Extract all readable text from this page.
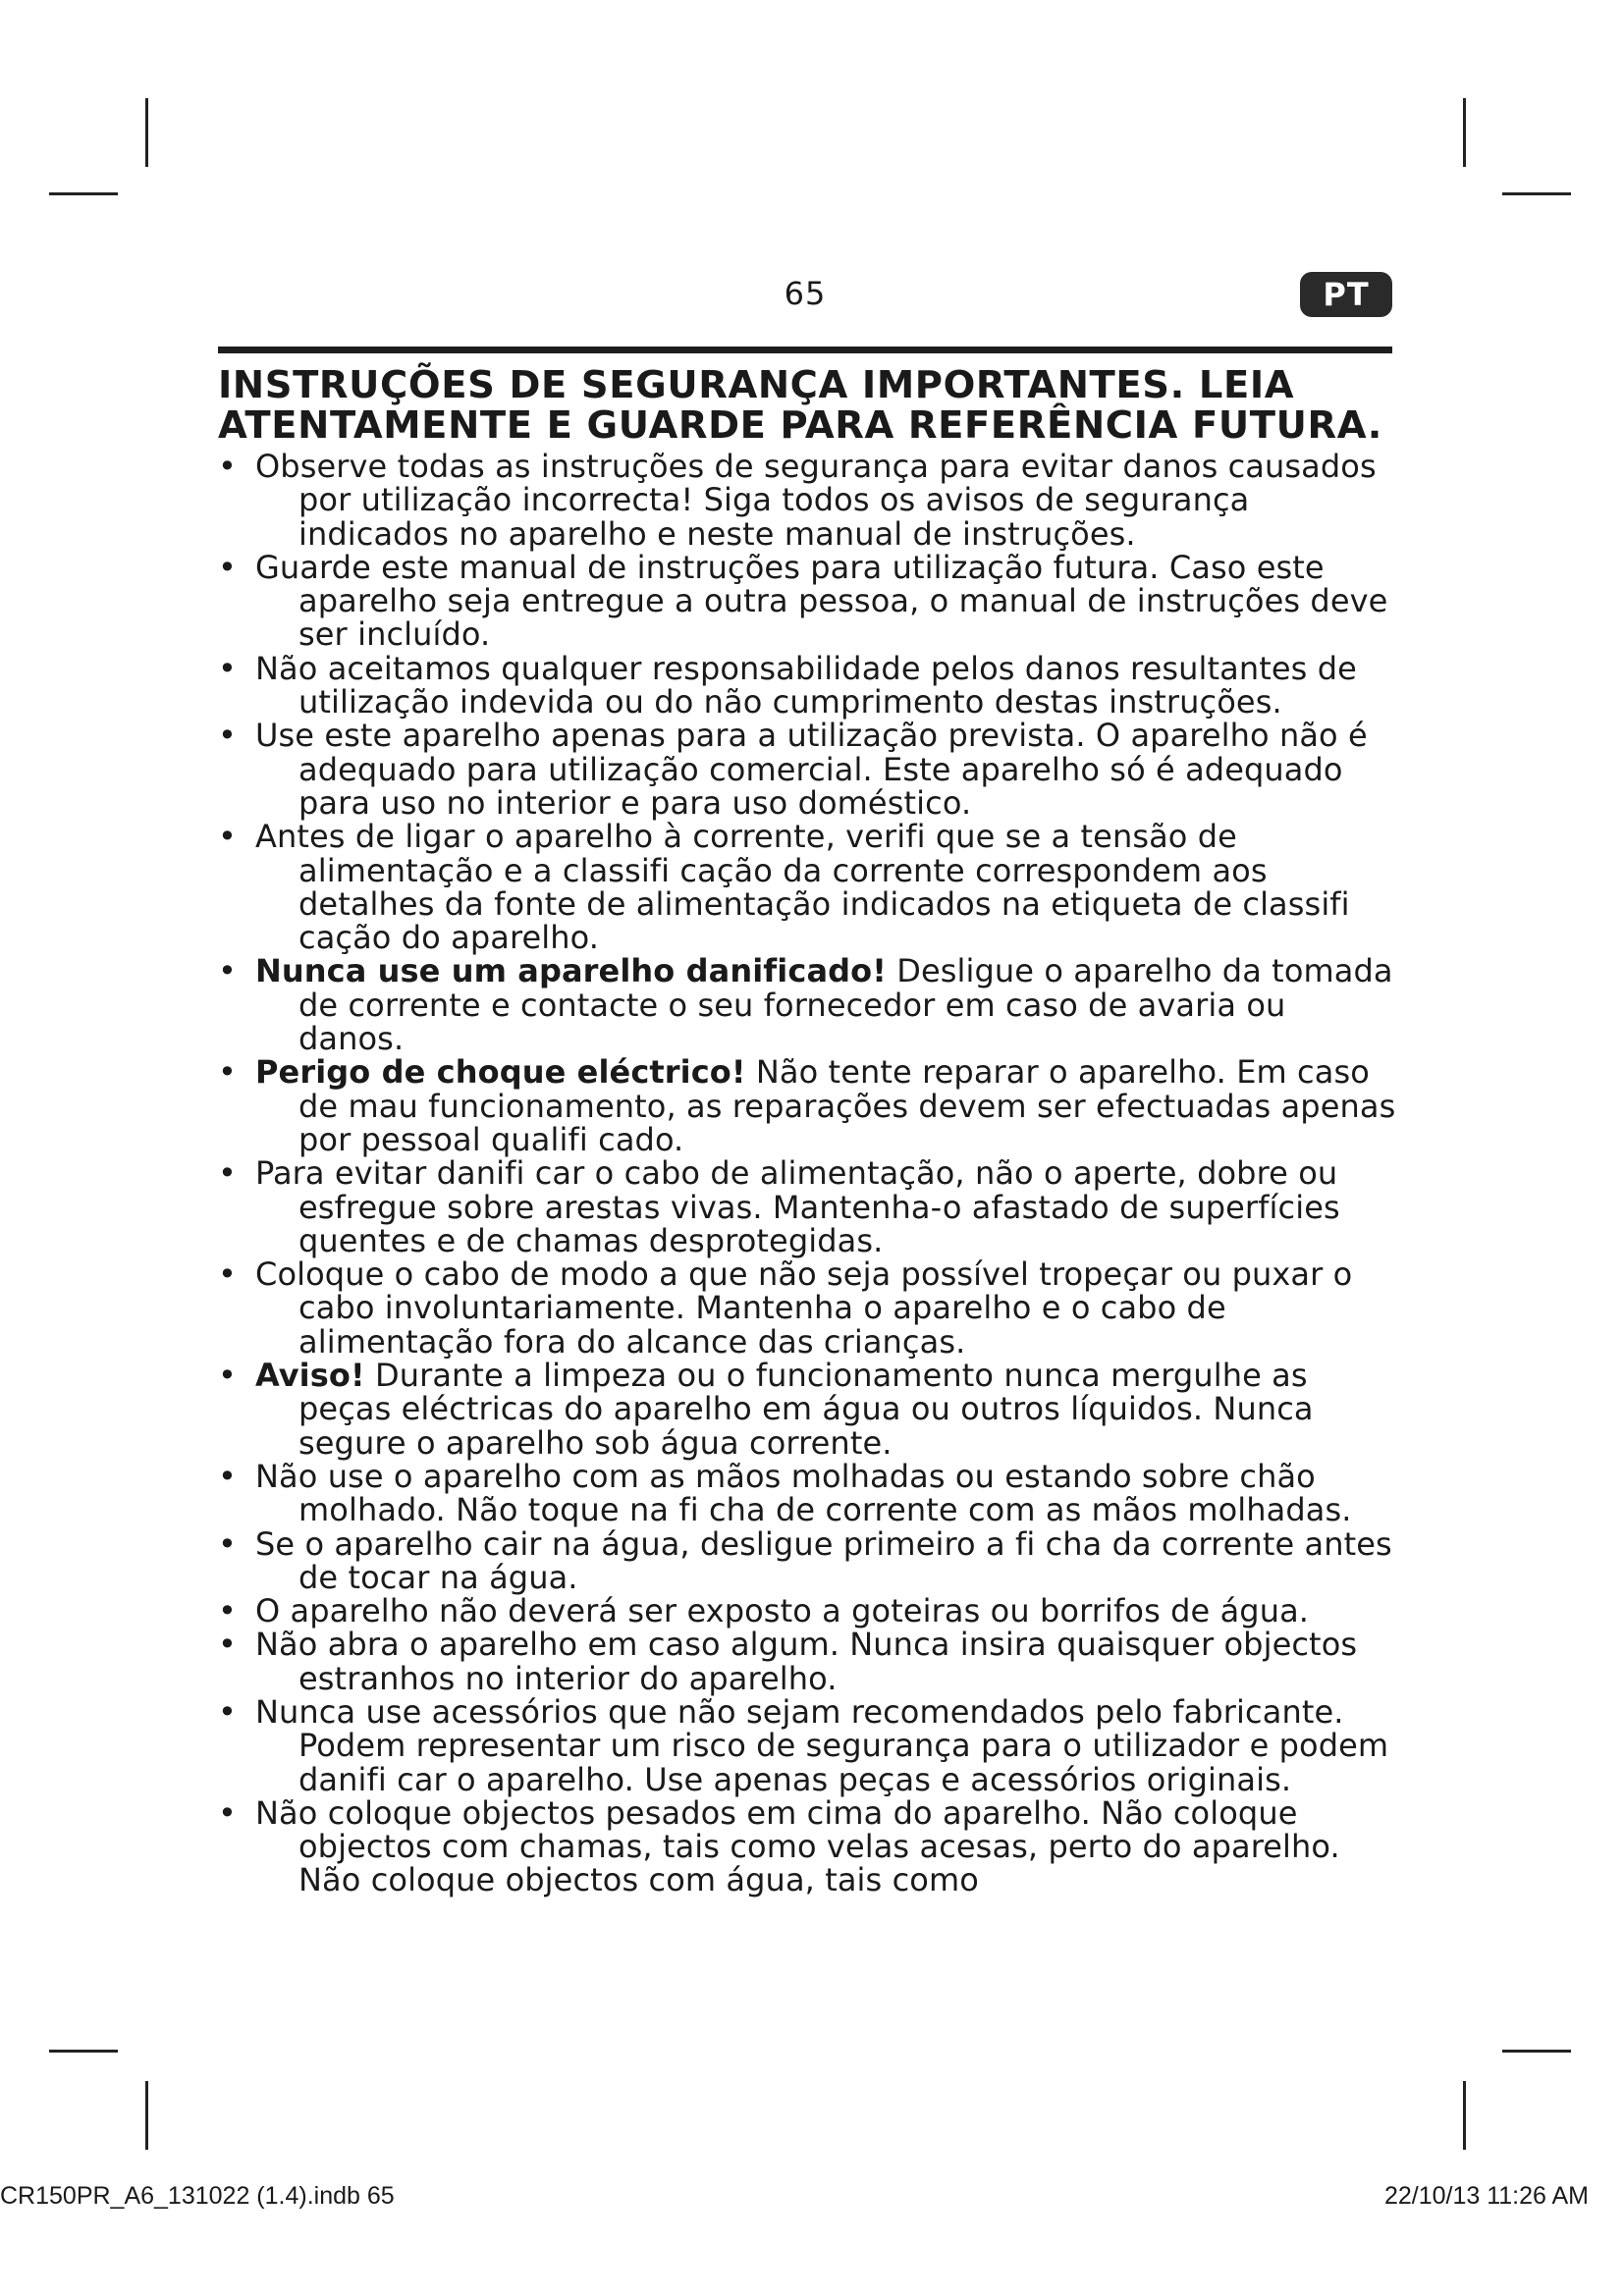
65	PT
INSTRUÇÕES DE SEGURANÇA IMPORTANTES. LEIA ATENTAMENTE E GUARDE PARA REFERÊNCIA FUTURA.
• Observe todas as instruções de segurança para evitar danos causados por utilização incorrecta! Siga todos os avisos de segurança indicados no aparelho e neste manual de instruções.
• Guarde este manual de instruções para utilização futura. Caso este aparelho seja entregue a outra pessoa, o manual de instruções deve ser incluído.
• Não aceitamos qualquer responsabilidade pelos danos resultantes de utilização indevida ou do não cumprimento destas instruções.
• Use este aparelho apenas para a utilização prevista. O aparelho não é adequado para utilização comercial. Este aparelho só é adequado para uso no interior e para uso doméstico.
• Antes de ligar o aparelho à corrente, verifi que se a tensão de alimentação e a classifi cação da corrente correspondem aos detalhes da fonte de alimentação indicados na etiqueta de classifi cação do aparelho.
• Nunca use um aparelho danificado! Desligue o aparelho da tomada de corrente e contacte o seu fornecedor em caso de avaria ou danos.
• Perigo de choque eléctrico! Não tente reparar o aparelho. Em caso de mau funcionamento, as reparações devem ser efectuadas apenas por pessoal qualifi cado.
• Para evitar danifi car o cabo de alimentação, não o aperte, dobre ou esfregue sobre arestas vivas. Mantenha-o afastado de superfícies quentes e de chamas desprotegidas.
• Coloque o cabo de modo a que não seja possível tropeçar ou puxar o cabo involuntariamente. Mantenha o aparelho e o cabo de alimentação fora do alcance das crianças.
• Aviso! Durante a limpeza ou o funcionamento nunca mergulhe as peças eléctricas do aparelho em água ou outros líquidos. Nunca segure o aparelho sob água corrente.
• Não use o aparelho com as mãos molhadas ou estando sobre chão molhado. Não toque na fi cha de corrente com as mãos molhadas.
• Se o aparelho cair na água, desligue primeiro a fi cha da corrente antes de tocar na água.
• O aparelho não deverá ser exposto a goteiras ou borrifos de água.
• Não abra o aparelho em caso algum. Nunca insira quaisquer objectos estranhos no interior do aparelho.
• Nunca use acessórios que não sejam recomendados pelo fabricante. Podem representar um risco de segurança para o utilizador e podem danifi car o aparelho. Use apenas peças e acessórios originais.
• Não coloque objectos pesados em cima do aparelho. Não coloque objectos com chamas, tais como velas acesas, perto do aparelho. Não coloque objectos com água, tais como
CR150PR_A6_131022 (1.4).indb 65	22/10/13 11:26 AM
